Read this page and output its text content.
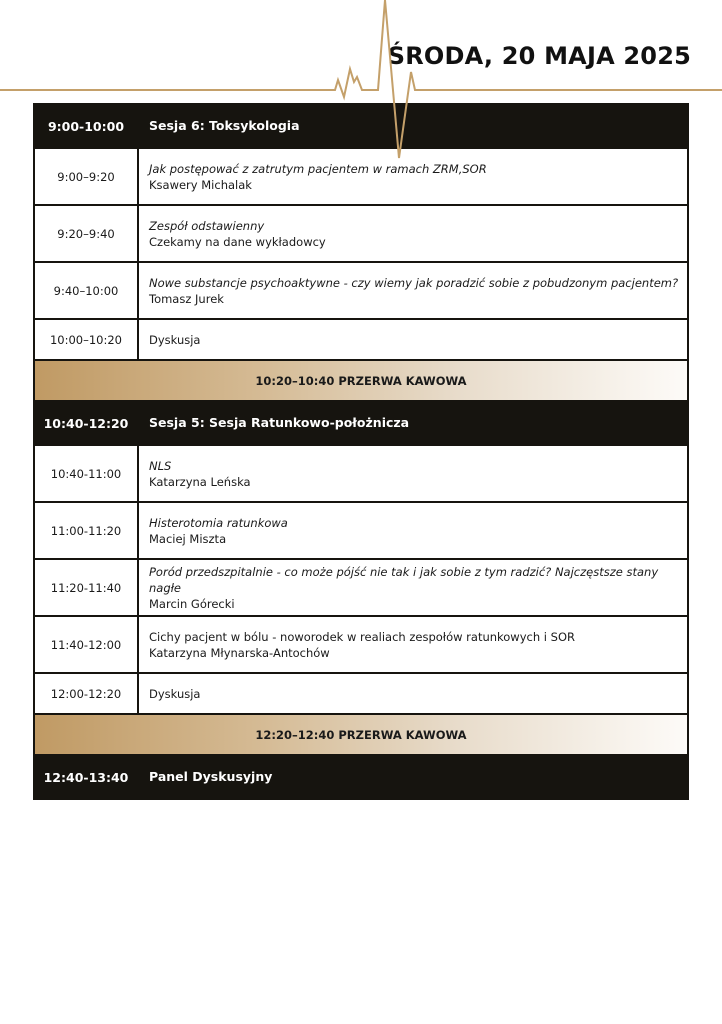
ŚRODA, 20 MAJA 2025
9:00-10:00	Sesja 6: Toksykologia
9:00–9:20	Jak postępować z zatrutym pacjentem w ramach ZRM,SOR
Ksawery Michalak

9:20–9:40	Zespół odstawienny
Czekamy na dane wykładowcy

9:40–10:00	Nowe substancje psychoaktywne - czy wiemy jak poradzić sobie z pobudzonym pacjentem?
Tomasz Jurek

10:00–10:20	Dyskusja
10:20–10:40 PRZERWA KAWOWA	
10:40-12:20	Sesja 5: Sesja Ratunkowo-położnicza
10:40-11:00	NLS
Katarzyna Leńska

11:00-11:20	Histerotomia ratunkowa
Maciej Miszta

11:20-11:40	Poród przedszpitalnie - co może pójść nie tak i jak sobie z tym radzić? Najczęstsze stany nagłe
Marcin Górecki

11:40-12:00	Cichy pacjent w bólu - noworodek w realiach zespołów ratunkowych i SOR
Katarzyna Młynarska-Antochów

12:00-12:20	Dyskusja
12:20–12:40 PRZERWA KAWOWA	
12:40-13:40	Panel Dyskusyjny
